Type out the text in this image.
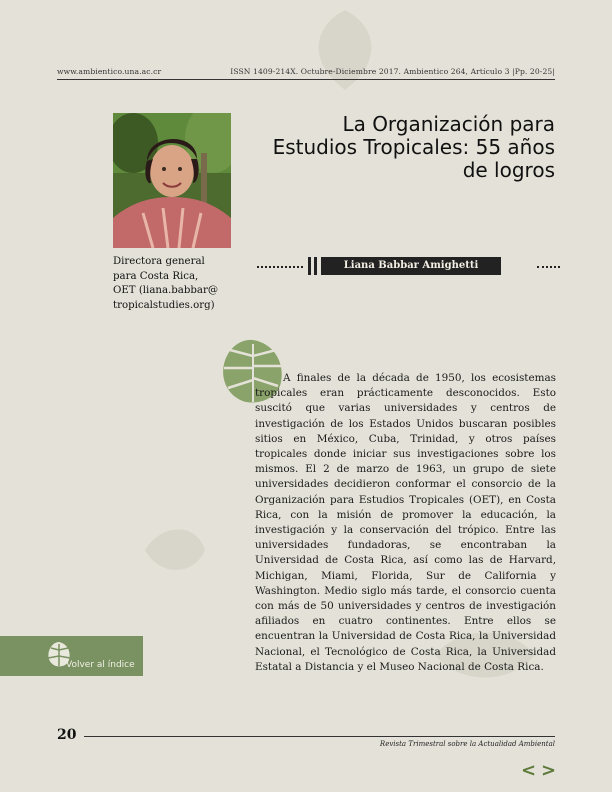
www.ambientico.una.ac.cr	ISSN 1409-214X. Octubre-Diciembre 2017. Ambientico 264, Artículo 3 |Pp. 20-25|
La Organización para
Estudios Tropicales: 55 años
de logros
Directora general
para Costa Rica,
OET (liana.babbar@
tropicalstudies.org)
Liana Babbar Amighetti
A finales de la década de 1950, los ecosistemas tropicales eran prácticamente desconocidos. Esto suscitó que varias universidades y centros de investigación de los Estados Unidos buscaran posibles sitios en México, Cuba, Trinidad, y otros países tropicales donde iniciar sus investigaciones sobre los mismos. El 2 de marzo de 1963, un grupo de siete universidades decidieron conformar el consorcio de la Organización para Estudios Tropicales (OET), en Costa Rica, con la misión de promover la educación, la investigación y la conservación del trópico. Entre las universidades fundadoras, se encontraban la Universidad de Costa Rica, así como las de Harvard, Michigan, Miami, Florida, Sur de California y Washington. Medio siglo más tarde, el consorcio cuenta con más de 50 universidades y centros de investigación afiliados en cuatro continentes. Entre ellos se encuentran la Universidad de Costa Rica, la Universidad Nacional, el Tecnológico de Costa Rica, la Universidad Estatal a Distancia y el Museo Nacional de Costa Rica.
Volver al índice
20
Revista Trimestral sobre la Actualidad Ambiental
< >
